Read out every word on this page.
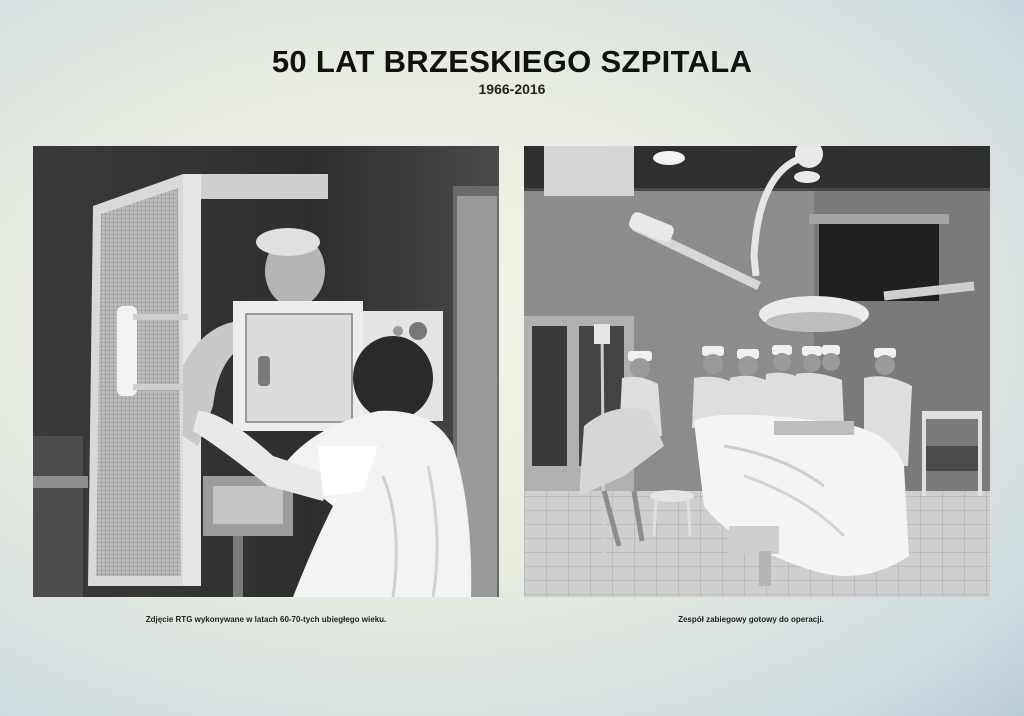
50 LAT BRZESKIEGO SZPITALA
1966-2016
Zdjęcie RTG wykonywane w latach 60-70-tych ubiegłego wieku.	Zespół zabiegowy gotowy do operacji.
